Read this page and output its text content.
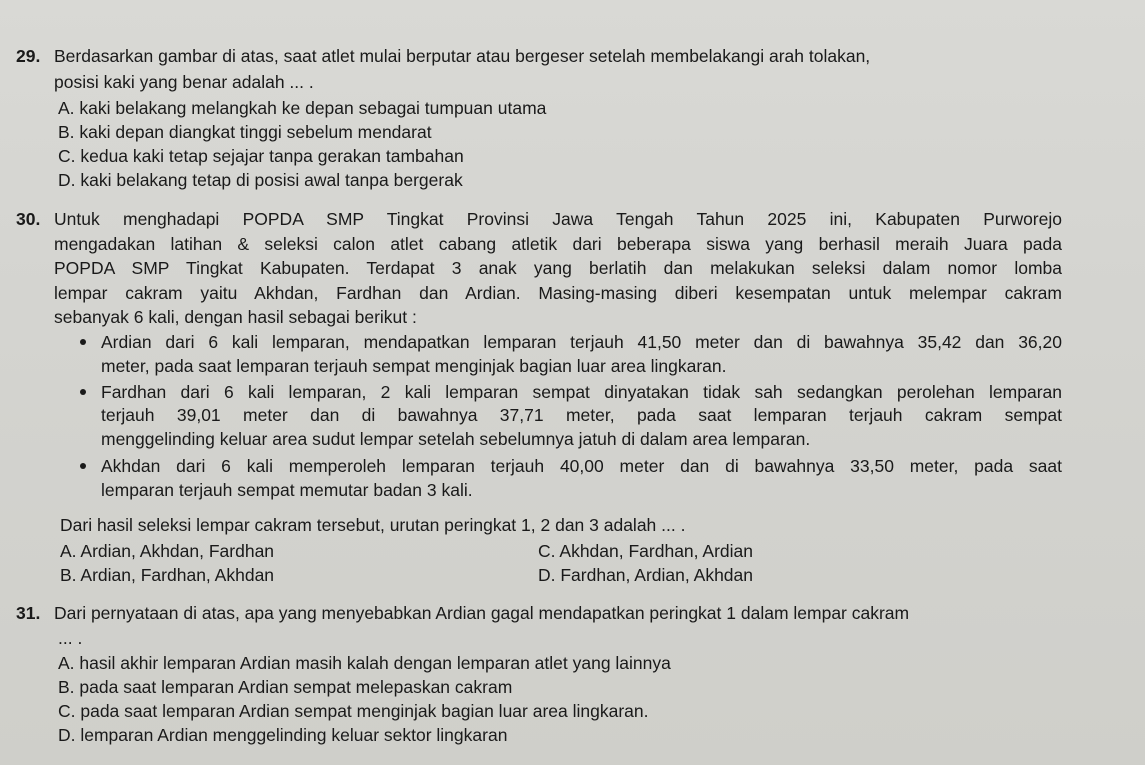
29. Berdasarkan gambar di atas, saat atlet mulai berputar atau bergeser setelah membelakangi arah tolakan,
posisi kaki yang benar adalah ... .
A. kaki belakang melangkah ke depan sebagai tumpuan utama
B. kaki depan diangkat tinggi sebelum mendarat
C. kedua kaki tetap sejajar tanpa gerakan tambahan
D. kaki belakang tetap di posisi awal tanpa bergerak
30. Untuk menghadapi POPDA SMP Tingkat Provinsi Jawa Tengah Tahun 2025 ini, Kabupaten Purworejo
mengadakan latihan & seleksi calon atlet cabang atletik dari beberapa siswa yang berhasil meraih Juara pada
POPDA SMP Tingkat Kabupaten. Terdapat 3 anak yang berlatih dan melakukan seleksi dalam nomor lomba
lempar cakram yaitu Akhdan, Fardhan dan Ardian. Masing-masing diberi kesempatan untuk melempar cakram
sebanyak 6 kali, dengan hasil sebagai berikut :
Ardian dari 6 kali lemparan, mendapatkan lemparan terjauh 41,50 meter dan di bawahnya 35,42 dan 36,20
meter, pada saat lemparan terjauh sempat menginjak bagian luar area lingkaran.
Fardhan dari 6 kali lemparan, 2 kali lemparan sempat dinyatakan tidak sah sedangkan perolehan lemparan
terjauh 39,01 meter dan di bawahnya 37,71 meter, pada saat lemparan terjauh cakram sempat
menggelinding keluar area sudut lempar setelah sebelumnya jatuh di dalam area lemparan.
Akhdan dari 6 kali memperoleh lemparan terjauh 40,00 meter dan di bawahnya 33,50 meter, pada saat
lemparan terjauh sempat memutar badan 3 kali.
Dari hasil seleksi lempar cakram tersebut, urutan peringkat 1, 2 dan 3 adalah ... .
A. Ardian, Akhdan, Fardhan	C. Akhdan, Fardhan, Ardian
B. Ardian, Fardhan, Akhdan	D. Fardhan, Ardian, Akhdan
31. Dari pernyataan di atas, apa yang menyebabkan Ardian gagal mendapatkan peringkat 1 dalam lempar cakram
... .
A. hasil akhir lemparan Ardian masih kalah dengan lemparan atlet yang lainnya
B. pada saat lemparan Ardian sempat melepaskan cakram
C. pada saat lemparan Ardian sempat menginjak bagian luar area lingkaran.
D. lemparan Ardian menggelinding keluar sektor lingkaran
